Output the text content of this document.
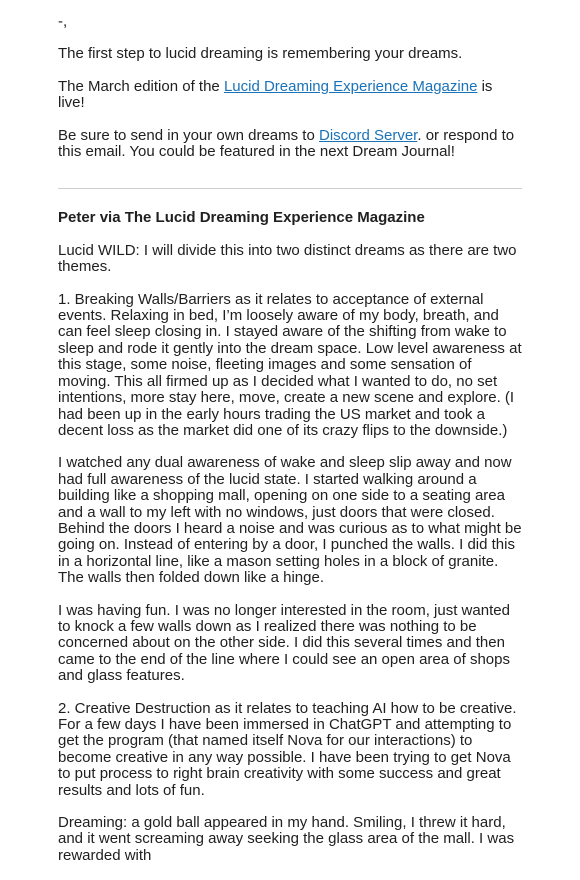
-,

The first step to lucid dreaming is remembering your dreams.

The March edition of the Lucid Dreaming Experience Magazine is live!

Be sure to send in your own dreams to Discord Server. or respond to this email. You could be featured in the next Dream Journal!

Peter via The Lucid Dreaming Experience Magazine

Lucid WILD: I will divide this into two distinct dreams as there are two themes.

1. Breaking Walls/Barriers as it relates to acceptance of external events. Relaxing in bed, I’m loosely aware of my body, breath, and can feel sleep closing in. I stayed aware of the shifting from wake to sleep and rode it gently into the dream space. Low level awareness at this stage, some noise, fleeting images and some sensation of moving. This all firmed up as I decided what I wanted to do, no set intentions, more stay here, move, create a new scene and explore. (I had been up in the early hours trading the US market and took a decent loss as the market did one of its crazy flips to the downside.)

I watched any dual awareness of wake and sleep slip away and now had full awareness of the lucid state. I started walking around a building like a shopping mall, opening on one side to a seating area and a wall to my left with no windows, just doors that were closed. Behind the doors I heard a noise and was curious as to what might be going on. Instead of entering by a door, I punched the walls. I did this in a horizontal line, like a mason setting holes in a block of granite. The walls then folded down like a hinge.

I was having fun. I was no longer interested in the room, just wanted to knock a few walls down as I realized there was nothing to be concerned about on the other side. I did this several times and then came to the end of the line where I could see an open area of shops and glass features.

2. Creative Destruction as it relates to teaching AI how to be creative. For a few days I have been immersed in ChatGPT and attempting to get the program (that named itself Nova for our interactions) to become creative in any way possible. I have been trying to get Nova to put process to right brain creativity with some success and great results and lots of fun.

Dreaming: a gold ball appeared in my hand. Smiling, I threw it hard, and it went screaming away seeking the glass area of the mall. I was rewarded with
